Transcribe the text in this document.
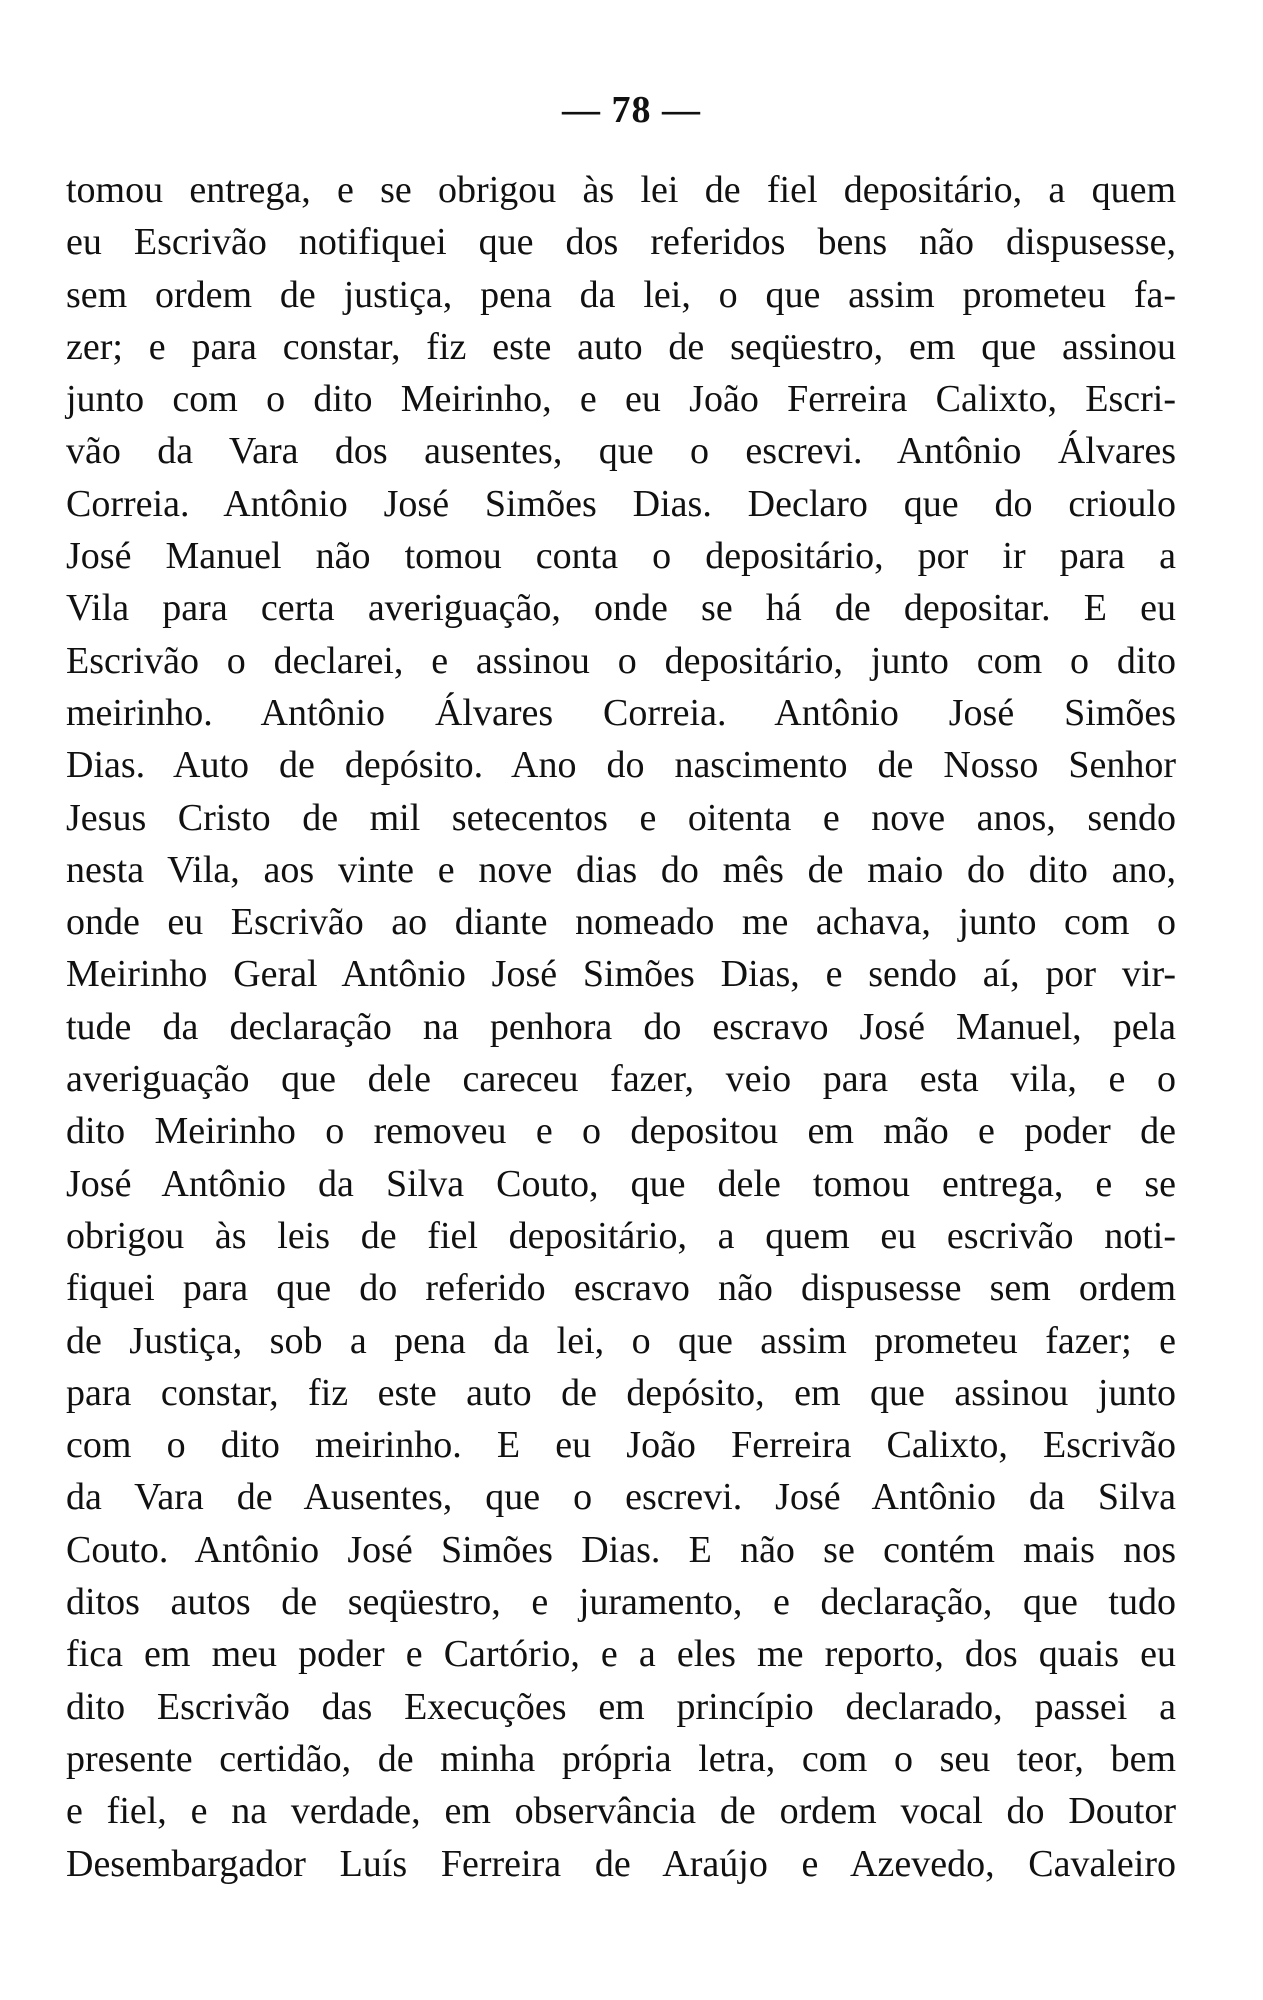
— 78 —
tomou entrega, e se obrigou às lei de fiel depositário, a quem
eu Escrivão notifiquei que dos referidos bens não dispusesse,
sem ordem de justiça, pena da lei, o que assim prometeu fa-
zer; e para constar, fiz este auto de seqüestro, em que assinou
junto com o dito Meirinho, e eu João Ferreira Calixto, Escri-
vão da Vara dos ausentes, que o escrevi. Antônio Álvares
Correia. Antônio José Simões Dias. Declaro que do crioulo
José Manuel não tomou conta o depositário, por ir para a
Vila para certa averiguação, onde se há de depositar. E eu
Escrivão o declarei, e assinou o depositário, junto com o dito
meirinho. Antônio Álvares Correia. Antônio José Simões
Dias. Auto de depósito. Ano do nascimento de Nosso Senhor
Jesus Cristo de mil setecentos e oitenta e nove anos, sendo
nesta Vila, aos vinte e nove dias do mês de maio do dito ano,
onde eu Escrivão ao diante nomeado me achava, junto com o
Meirinho Geral Antônio José Simões Dias, e sendo aí, por vir-
tude da declaração na penhora do escravo José Manuel, pela
averiguação que dele careceu fazer, veio para esta vila, e o
dito Meirinho o removeu e o depositou em mão e poder de
José Antônio da Silva Couto, que dele tomou entrega, e se
obrigou às leis de fiel depositário, a quem eu escrivão noti-
fiquei para que do referido escravo não dispusesse sem ordem
de Justiça, sob a pena da lei, o que assim prometeu fazer; e
para constar, fiz este auto de depósito, em que assinou junto
com o dito meirinho. E eu João Ferreira Calixto, Escrivão
da Vara de Ausentes, que o escrevi. José Antônio da Silva
Couto. Antônio José Simões Dias. E não se contém mais nos
ditos autos de seqüestro, e juramento, e declaração, que tudo
fica em meu poder e Cartório, e a eles me reporto, dos quais eu
dito Escrivão das Execuções em princípio declarado, passei a
presente certidão, de minha própria letra, com o seu teor, bem
e fiel, e na verdade, em observância de ordem vocal do Doutor
Desembargador Luís Ferreira de Araújo e Azevedo, Cavaleiro
